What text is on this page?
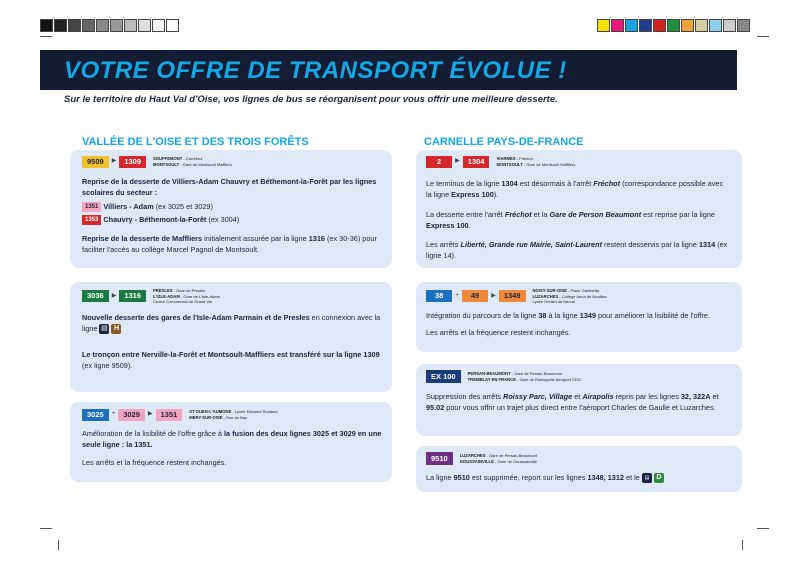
VOTRE OFFRE DE TRANSPORT ÉVOLUE !
Sur le territoire du Haut Val d'Oise, vos lignes de bus se réorganisent pour vous offrir une meilleure desserte.
VALLÉE DE L'OISE ET DES TROIS FORÊTS	CARNELLE PAYS-DE-FRANCE
9509	▶	1309	SOUFFEMONT - Carrefour
MONTSOULT - Gare de Montsoult Maffliers

Reprise de la desserte de Villiers-Adam Chauvry et Béthemont-la-Forêt par les lignes scolaires du secteur :

1351 Villiers - Adam (ex 3025 et 3029)

1353 Chauvry - Béthemont-la-Forêt (ex 3004)

Reprise de la desserte de Maffliers initialement assurée par la ligne 1316 (ex 30-36) pour faciliter l'accès au collège Marcel Pagnol de Montsoult.

3036	▶	1316
PRESLES - Gare de Presles
L'ISLE-ADAM - Gare de L'Isle-Adam
Centre Commercial du Grand Val

Nouvelle desserte des gares de l'Isle-Adam Parmain et de Presles en connexion avec la ligne ▤ H

Le tronçon entre Nerville-la-Forêt et Montsoult-Maffliers est transféré sur la ligne 1309 (ex ligne 9509).

3025	+	3029	▶	1351	ST-OUEN-L'AUMONE - Lycée Edmond Rostand
MERY-SUR-OISE - Rue du Bac

Amélioration de la lisibilité de l'offre grâce à la fusion des deux lignes 3025 et 3029 en une seule ligne : la 1351.

Les arrêts et la fréquence restent inchangés.

2	▶	1304	VIARMES - Fréchot
MONTSOULT - Gare de Montsoult Maffliers

Le terminus de la ligne 1304 est désormais à l'arrêt Fréchot (correspondance possible avec la ligne Express 100).

La desserte entre l'arrêt Fréchot et la Gare de Person Beaumont est reprise par la ligne Express 100.

Les arrêts Liberté, Grande rue Mairie, Saint-Laurent restent desservis par la ligne 1314 (ex ligne 14).

38	+	49	▶	1349
NOISY-SUR-OISE - Place Gambetta
LUZARCHES - Collège Anna de Noailles
Lycée Gérard de Nerval

Intégration du parcours de la ligne 38 à la ligne 1349 pour améliorer la lisibilité de l'offre.

Les arrêts et la fréquence restent inchangés.

EX 100	PERSAN-BEAUMONT - Gare de Persan-Beaumont
TREMBLAY EN FRANCE - Gare de Roissypôle Aéroport CDG

Suppression des arrêts Roissy Parc, Village et Airapolis repris par les lignes 32, 322A et 95.02 pour vous offrir un trajet plus direct entre l'aéroport Charles de Gaulle et Luzarches.

9510	LUZARCHES - Gare de Persan-Beaumont
GOUSSAINVILLE - Gare de Goussainville

La ligne 9510 est supprimée, report sur les lignes 1348, 1312 et le ▤ D
